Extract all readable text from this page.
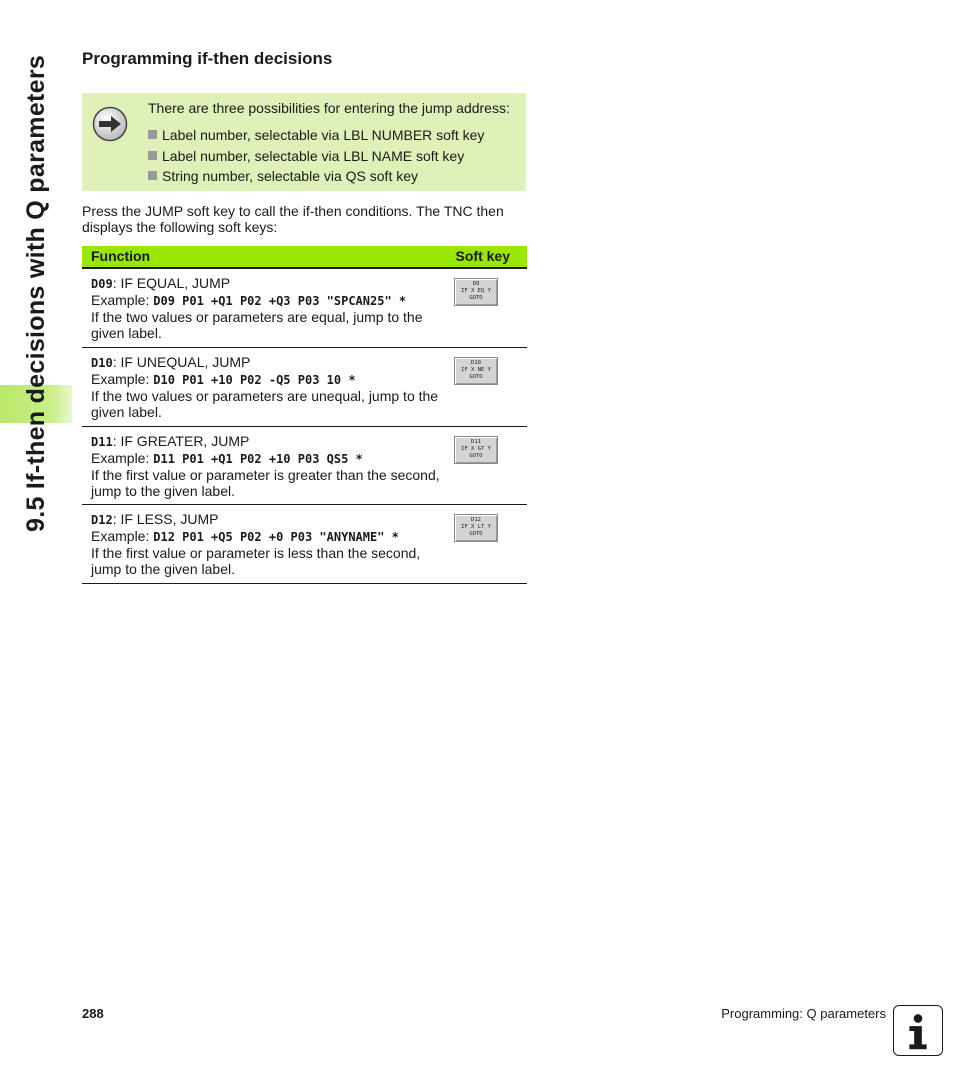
9.5 If-then decisions with Q parameters Programming if-then decisions
There are three possibilities for entering the jump address:
Label number, selectable via LBL NUMBER soft key
Label number, selectable via LBL NAME soft key
String number, selectable via QS soft key
Press the JUMP soft key to call the if-then conditions. The TNC then displays the following soft keys:
Function	Soft key
D09: IF EQUAL, JUMP
Example: D09 P01 +Q1 P02 +Q3 P03 "SPCAN25" *
If the two values or parameters are equal, jump to the given label.
D9
IF X EQ Y
GOTO
D10: IF UNEQUAL, JUMP
Example: D10 P01 +10 P02 -Q5 P03 10 *
If the two values or parameters are unequal, jump to the given label.
D10
IF X NE Y
GOTO
D11: IF GREATER, JUMP
Example: D11 P01 +Q1 P02 +10 P03 QS5 *
If the first value or parameter is greater than the second, jump to the given label.
D11
IF X GT Y
GOTO
D12: IF LESS, JUMP
Example: D12 P01 +Q5 P02 +0 P03 "ANYNAME" *
If the first value or parameter is less than the second, jump to the given label.
D12
IF X LT Y
GOTO
288	Programming: Q parameters
